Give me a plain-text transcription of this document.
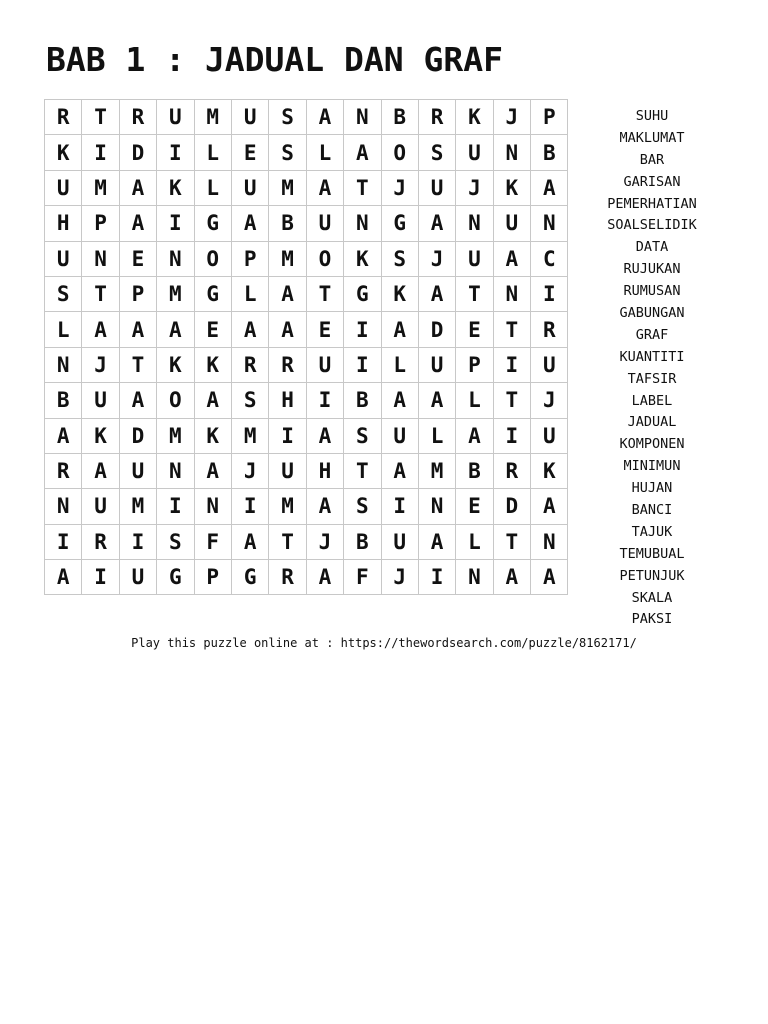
BAB 1 : JADUAL DAN GRAF
R	T	R	U	M	U	S	A	N	B	R	K	J	P
K	I	D	I	L	E	S	L	A	O	S	U	N	B
U	M	A	K	L	U	M	A	T	J	U	J	K	A
H	P	A	I	G	A	B	U	N	G	A	N	U	N
U	N	E	N	O	P	M	O	K	S	J	U	A	C
S	T	P	M	G	L	A	T	G	K	A	T	N	I
L	A	A	A	E	A	A	E	I	A	D	E	T	R
N	J	T	K	K	R	R	U	I	L	U	P	I	U
B	U	A	O	A	S	H	I	B	A	A	L	T	J
A	K	D	M	K	M	I	A	S	U	L	A	I	U
R	A	U	N	A	J	U	H	T	A	M	B	R	K
N	U	M	I	N	I	M	A	S	I	N	E	D	A
I	R	I	S	F	A	T	J	B	U	A	L	T	N
A	I	U	G	P	G	R	A	F	J	I	N	A	A
SUHU
MAKLUMAT
BAR
GARISAN
PEMERHATIAN
SOALSELIDIK
DATA
RUJUKAN
RUMUSAN
GABUNGAN
GRAF
KUANTITI
TAFSIR
LABEL
JADUAL
KOMPONEN
MINIMUN
HUJAN
BANCI
TAJUK
TEMUBUAL
PETUNJUK
SKALA
PAKSI
Play this puzzle online at : https://thewordsearch.com/puzzle/8162171/
